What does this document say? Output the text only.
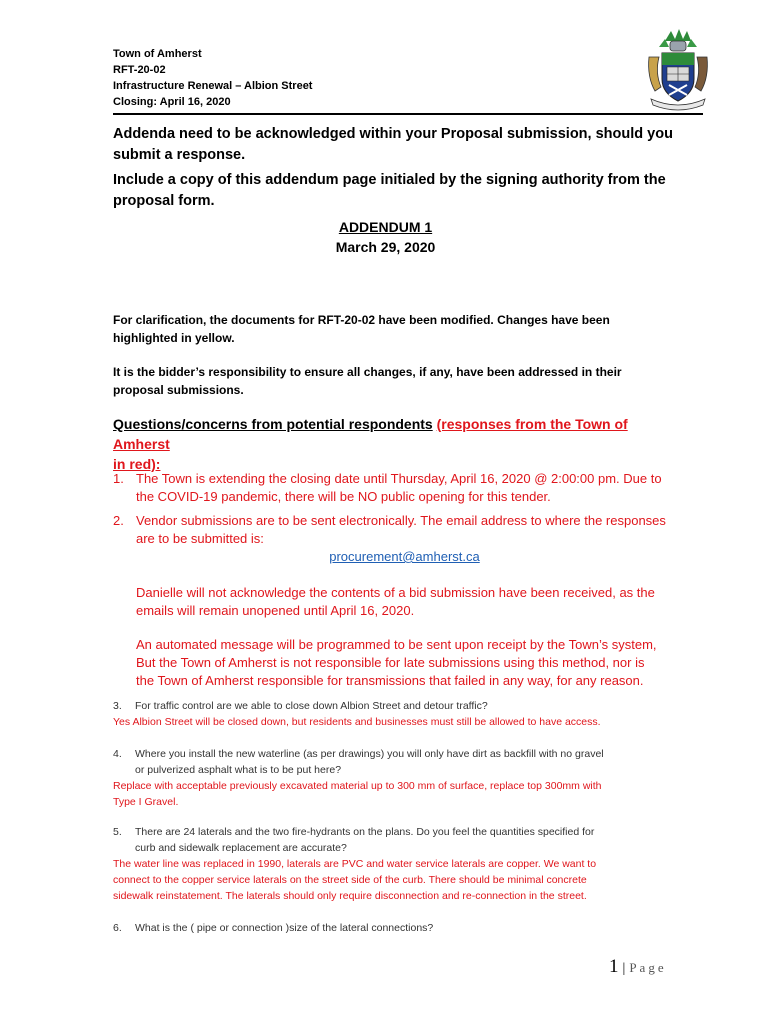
Town of Amherst
RFT-20-02
Infrastructure Renewal – Albion Street
Closing: April 16, 2020
Addenda need to be acknowledged within your Proposal submission, should you
submit a response.
Include a copy of this addendum page initialed by the signing authority from the
proposal form.
ADDENDUM 1
March 29, 2020
For clarification, the documents for RFT-20-02 have been modified. Changes have been
highlighted in yellow.
It is the bidder’s responsibility to ensure all changes, if any, have been addressed in their
proposal submissions.
Questions/concerns from potential respondents (responses from the Town of Amherst
in red):
1. The Town is extending the closing date until Thursday, April 16, 2020 @ 2:00:00 pm. Due to
the COVID-19 pandemic, there will be NO public opening for this tender.
2. Vendor submissions are to be sent electronically. The email address to where the responses
are to be submitted is:
procurement@amherst.ca
Danielle will not acknowledge the contents of a bid submission have been received, as the
emails will remain unopened until April 16, 2020.
An automated message will be programmed to be sent upon receipt by the Town’s system,
But the Town of Amherst is not responsible for late submissions using this method, nor is
the Town of Amherst responsible for transmissions that failed in any way, for any reason.
3. For traffic control are we able to close down Albion Street and detour traffic?
Yes Albion Street will be closed down, but residents and businesses must still be allowed to have access.
4. Where you install the new waterline (as per drawings) you will only have dirt as backfill with no gravel
or pulverized asphalt what is to be put here?
Replace with acceptable previously excavated material up to 300 mm of surface, replace top 300mm with
Type I Gravel.
5. There are 24 laterals and the two fire-hydrants on the plans. Do you feel the quantities specified for
curb and sidewalk replacement are accurate?
The water line was replaced in 1990, laterals are PVC and water service laterals are copper. We want to
connect to the copper service laterals on the street side of the curb. There should be minimal concrete
sidewalk reinstatement. The laterals should only require disconnection and re-connection in the street.
6. What is the ( pipe or connection )size of the lateral connections?
1 | Page
